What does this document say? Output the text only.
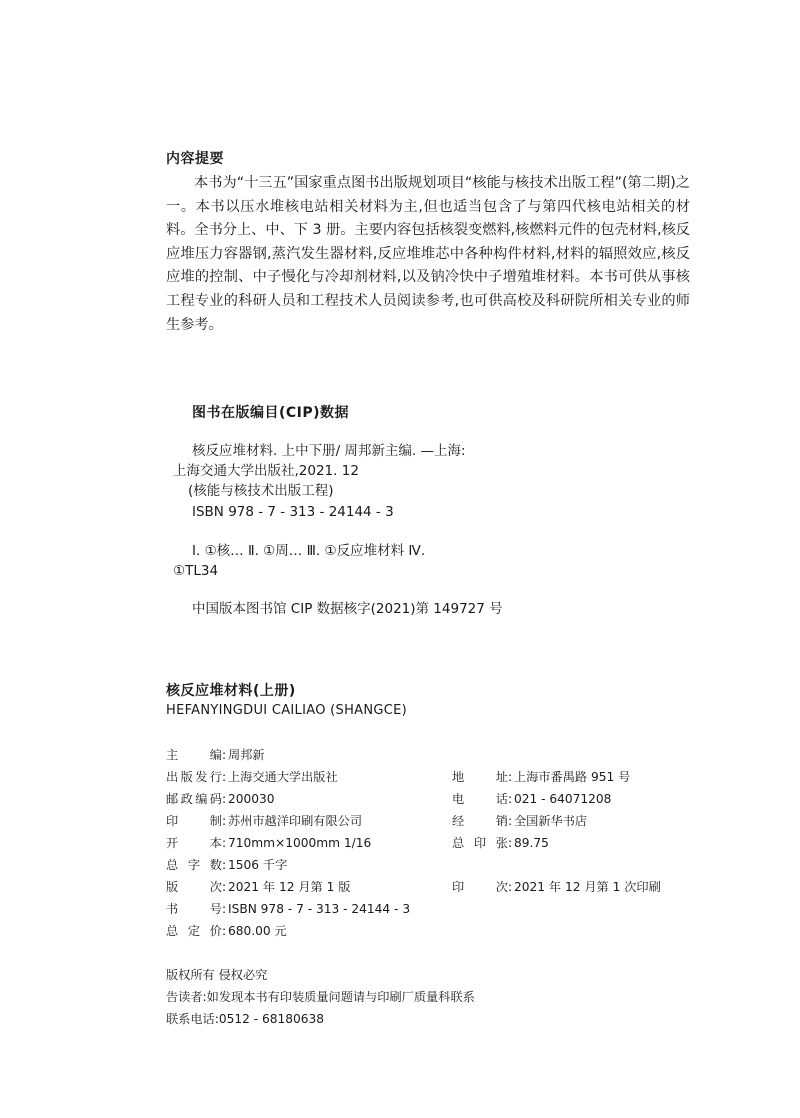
内容提要
本书为“十三五”国家重点图书出版规划项目“核能与核技术出版工程”(第二期)之一。本书以压水堆核电站相关材料为主,但也适当包含了与第四代核电站相关的材料。全书分上、中、下 3 册。主要内容包括核裂变燃料,核燃料元件的包壳材料,核反应堆压力容器钢,蒸汽发生器材料,反应堆堆芯中各种构件材料,材料的辐照效应,核反应堆的控制、中子慢化与冷却剂材料,以及钠冷快中子增殖堆材料。本书可供从事核工程专业的科研人员和工程技术人员阅读参考,也可供高校及科研院所相关专业的师生参考。
图书在版编目(CIP)数据
核反应堆材料. 上中下册/ 周邦新主编. —上海:
上海交通大学出版社,2021. 12
(核能与核技术出版工程)
ISBN 978 - 7 - 313 - 24144 - 3
Ⅰ. ①核… Ⅱ. ①周… Ⅲ. ①反应堆材料 Ⅳ.
①TL34
中国版本图书馆 CIP 数据核字(2021)第 149727 号
核反应堆材料(上册)
HEFANYINGDUI CAILIAO (SHANGCE)
主编: 周邦新
出版发行: 上海交通大学出版社
邮政编码: 200030
印制: 苏州市越洋印刷有限公司
开本: 710mm×1000mm 1/16
总字数: 1506 千字
版次: 2021 年 12 月第 1 版
书号: ISBN 978 - 7 - 313 - 24144 - 3
总定价: 680.00 元
地址: 上海市番禺路 951 号
电话: 021 - 64071208
经销: 全国新华书店
总印张: 89.75
印次: 2021 年 12 月第 1 次印刷
版权所有 侵权必究
告读者:如发现本书有印装质量问题请与印刷厂质量科联系
联系电话:0512 - 68180638
